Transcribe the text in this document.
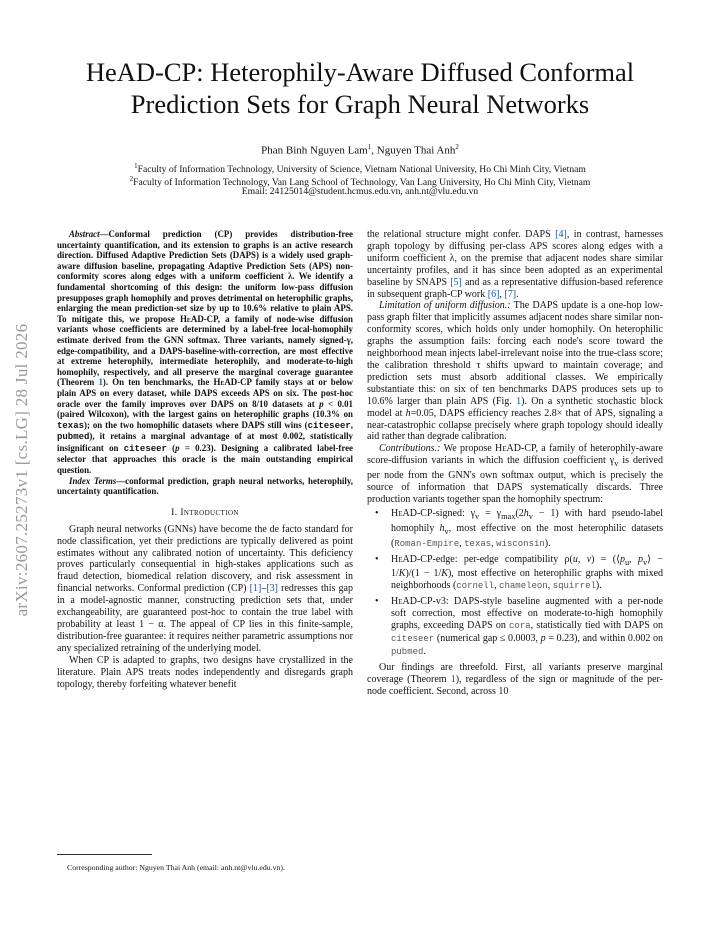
arXiv:2607.25273v1 [cs.LG] 28 Jul 2026
HeAD-CP: Heterophily-Aware Diffused Conformal Prediction Sets for Graph Neural Networks
Phan Binh Nguyen Lam$^1$, Nguyen Thai Anh$^2$
$^1$Faculty of Information Technology, University of Science, Vietnam National University, Ho Chi Minh City, Vietnam
$^2$Faculty of Information Technology, Van Lang School of Technology, Van Lang University, Ho Chi Minh City, Vietnam
Email: 24125014@student.hcmus.edu.vn, anh.nt@vlu.edu.vn

Abstract—Conformal prediction (CP) provides distribution-free uncertainty quantification, and its extension to graphs is an active research direction. Diffused Adaptive Prediction Sets (DAPS) is a widely used graph-aware diffusion baseline, propagating Adaptive Prediction Sets (APS) non-conformity scores along edges with a uniform coefficient λ. We identify a fundamental shortcoming of this design: the uniform low-pass diffusion presupposes graph homophily and proves detrimental on heterophilic graphs, enlarging the mean prediction-set size by up to 10.6% relative to plain APS. To mitigate this, we propose HeAD-CP, a family of node-wise diffusion variants whose coefficients are determined by a label-free local-homophily estimate derived from the GNN softmax. Three variants, namely signed-γ, edge-compatibility, and a DAPS-baseline-with-correction, are most effective at extreme heterophily, intermediate heterophily, and moderate-to-high homophily, respectively, and all preserve the marginal coverage guarantee (Theorem 1). On ten benchmarks, the HeAD-CP family stays at or below plain APS on every dataset, while DAPS exceeds APS on six. The post-hoc oracle over the family improves over DAPS on 8/10 datasets at p < 0.01 (paired Wilcoxon), with the largest gains on heterophilic graphs (10.3% on texas); on the two homophilic datasets where DAPS still wins (citeseer, pubmed), it retains a marginal advantage of at most 0.002, statistically insignificant on citeseer (p = 0.23). Designing a calibrated label-free selector that approaches this oracle is the main outstanding empirical question.

Index Terms—conformal prediction, graph neural networks, heterophily, uncertainty quantification.

I. Introduction

Graph neural networks (GNNs) have become the de facto standard for node classification, yet their predictions are typically delivered as point estimates without any calibrated notion of uncertainty. This deficiency proves particularly consequential in high-stakes applications such as fraud detection, biomedical relation discovery, and risk assessment in financial networks. Conformal prediction (CP) [1]–[3] redresses this gap in a model-agnostic manner, constructing prediction sets that, under exchangeability, are guaranteed post-hoc to contain the true label with probability at least 1 − α. The appeal of CP lies in this finite-sample, distribution-free guarantee: it requires neither parametric assumptions nor any specialized retraining of the underlying model.

When CP is adapted to graphs, two designs have crystallized in the literature. Plain APS treats nodes independently and disregards graph topology, thereby forfeiting whatever benefit

the relational structure might confer. DAPS [4], in contrast, harnesses graph topology by diffusing per-class APS scores along edges with a uniform coefficient λ, on the premise that adjacent nodes share similar uncertainty profiles, and it has since been adopted as an experimental baseline by SNAPS [5] and as a representative diffusion-based reference in subsequent graph-CP work [6], [7].

Limitation of uniform diffusion.: The DAPS update is a one-hop low-pass graph filter that implicitly assumes adjacent nodes share similar non-conformity scores, which holds only under homophily. On heterophilic graphs the assumption fails: forcing each node's score toward the neighborhood mean injects label-irrelevant noise into the true-class score; the calibration threshold τ shifts upward to maintain coverage; and prediction sets must absorb additional classes. We empirically substantiate this: on six of ten benchmarks DAPS produces sets up to 10.6% larger than plain APS (Fig. 1). On a synthetic stochastic block model at h=0.05, DAPS efficiency reaches 2.8× that of APS, signaling a near-catastrophic collapse precisely where graph topology should ideally aid rather than degrade calibration.

Contributions.: We propose HeAD-CP, a family of heterophily-aware score-diffusion variants in which the diffusion coefficient $\gamma_v$ is derived per node from the GNN's own softmax output, which is precisely the source of information that DAPS systematically discards. Three production variants together span the homophily spectrum:

• HeAD-CP-signed: $\gamma_v = \gamma_{max}(2h_v - 1)$ with hard pseudo-label homophily $h_v$, most effective on the most heterophilic datasets (Roman-Empire, texas, wisconsin).
• HeAD-CP-edge: per-edge compatibility ρ(u, $v) = (⟨p_u$, $p_v⟩ - 1/K)/(1 - 1/K)$, most effective on heterophilic graphs with mixed neighborhoods (cornell, chameleon, squirrel).
• HeAD-CP-v3: DAPS-style baseline augmented with a per-node soft correction, most effective on moderate-to-high homophily graphs, exceeding DAPS on cora, statistically tied with DAPS on citeseer (numerical gap ≤ 0.0003, p = 0.23), and within 0.002 on pubmed.

Our findings are threefold. First, all variants preserve marginal coverage (Theorem 1), regardless of the sign or magnitude of the per-node coefficient. Second, across 10

Corresponding author: Nguyen Thai Anh (email: anh.nt@vlu.edu.vn).
